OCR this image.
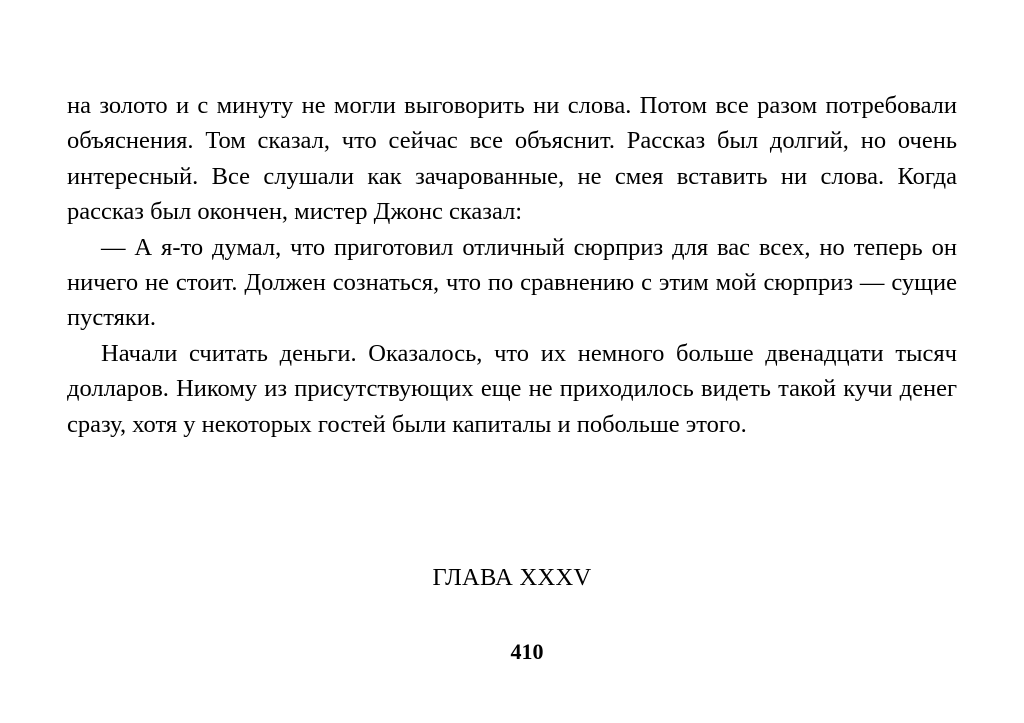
на золото и с минуту не могли выговорить ни слова. Потом все разом потребовали объяснения. Том сказал, что сейчас все объяснит. Рассказ был долгий, но очень интересный. Все слушали как зачарованные, не смея вставить ни слова. Когда рассказ был окончен, мистер Джонс сказал:

— А я-то думал, что приготовил отличный сюрприз для вас всех, но теперь он ничего не стоит. Должен сознаться, что по сравнению с этим мой сюрприз — сущие пустяки.

Начали считать деньги. Оказалось, что их немного больше двенадцати тысяч долларов. Никому из присутствующих еще не приходилось видеть такой кучи денег сразу, хотя у некоторых гостей были капиталы и побольше этого.

ГЛАВА XXXV
410
